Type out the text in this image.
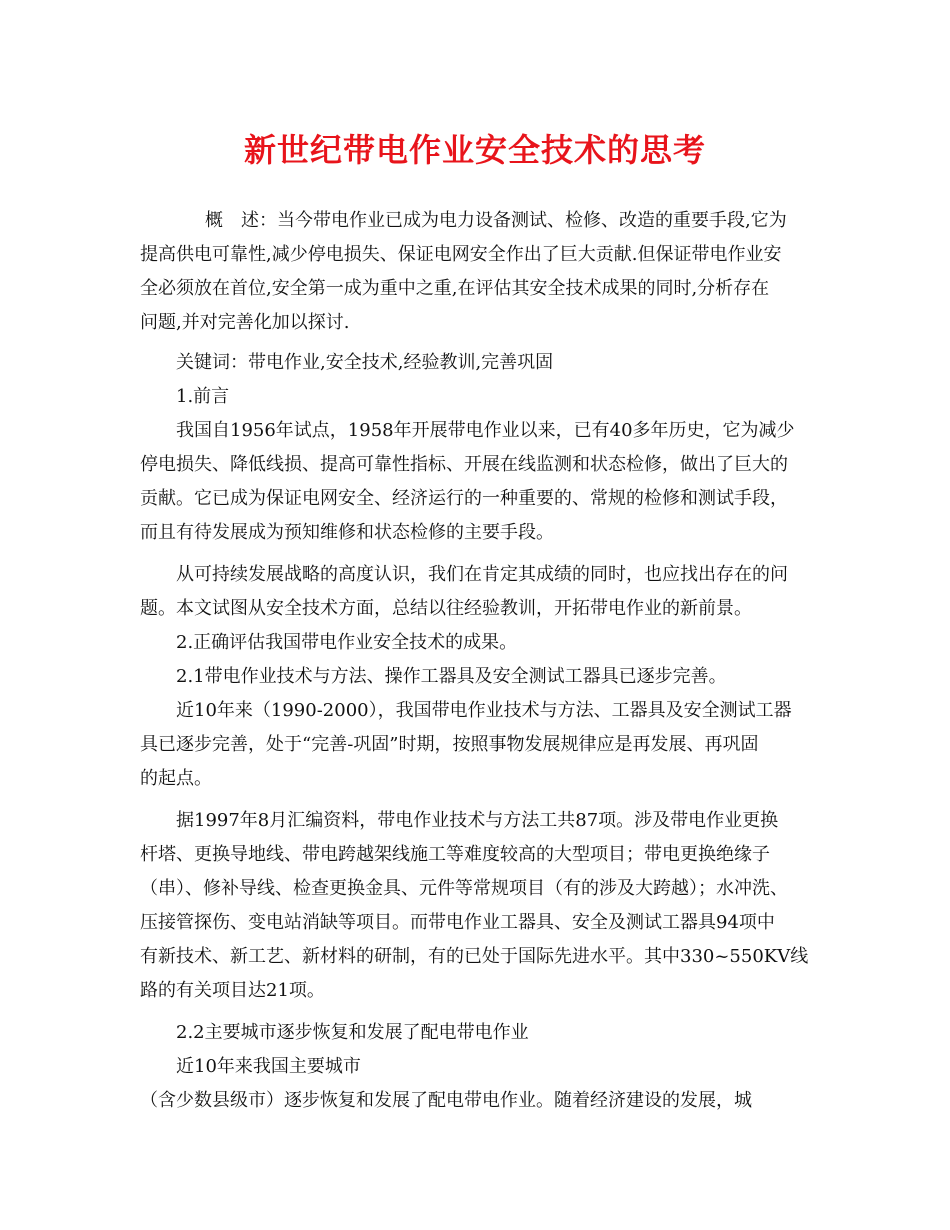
新世纪带电作业安全技术的思考
概　述：当今带电作业已成为电力设备测试、检修、改造的重要手段,它为
提高供电可靠性,减少停电损失、保证电网安全作出了巨大贡献.但保证带电作业安
全必须放在首位,安全第一成为重中之重,在评估其安全技术成果的同时,分析存在
问题,并对完善化加以探讨.
关键词：带电作业,安全技术,经验教训,完善巩固
1.前言
我国自1956年试点，1958年开展带电作业以来，已有40多年历史，它为减少
停电损失、降低线损、提高可靠性指标、开展在线监测和状态检修，做出了巨大的
贡献。它已成为保证电网安全、经济运行的一种重要的、常规的检修和测试手段，
而且有待发展成为预知维修和状态检修的主要手段。
从可持续发展战略的高度认识，我们在肯定其成绩的同时，也应找出存在的问
题。本文试图从安全技术方面，总结以往经验教训，开拓带电作业的新前景。
2.正确评估我国带电作业安全技术的成果。
2.1带电作业技术与方法、操作工器具及安全测试工器具已逐步完善。
近10年来（1990-2000），我国带电作业技术与方法、工器具及安全测试工器
具已逐步完善，处于“完善-巩固”时期，按照事物发展规律应是再发展、再巩固
的起点。
据1997年8月汇编资料，带电作业技术与方法工共87项。涉及带电作业更换
杆塔、更换导地线、带电跨越架线施工等难度较高的大型项目；带电更换绝缘子
（串）、修补导线、检查更换金具、元件等常规项目（有的涉及大跨越）；水冲洗、
压接管探伤、变电站消缺等项目。而带电作业工器具、安全及测试工器具94项中
有新技术、新工艺、新材料的研制，有的已处于国际先进水平。其中330~550KV线
路的有关项目达21项。
2.2主要城市逐步恢复和发展了配电带电作业
近10年来我国主要城市
（含少数县级市）逐步恢复和发展了配电带电作业。随着经济建设的发展，城
